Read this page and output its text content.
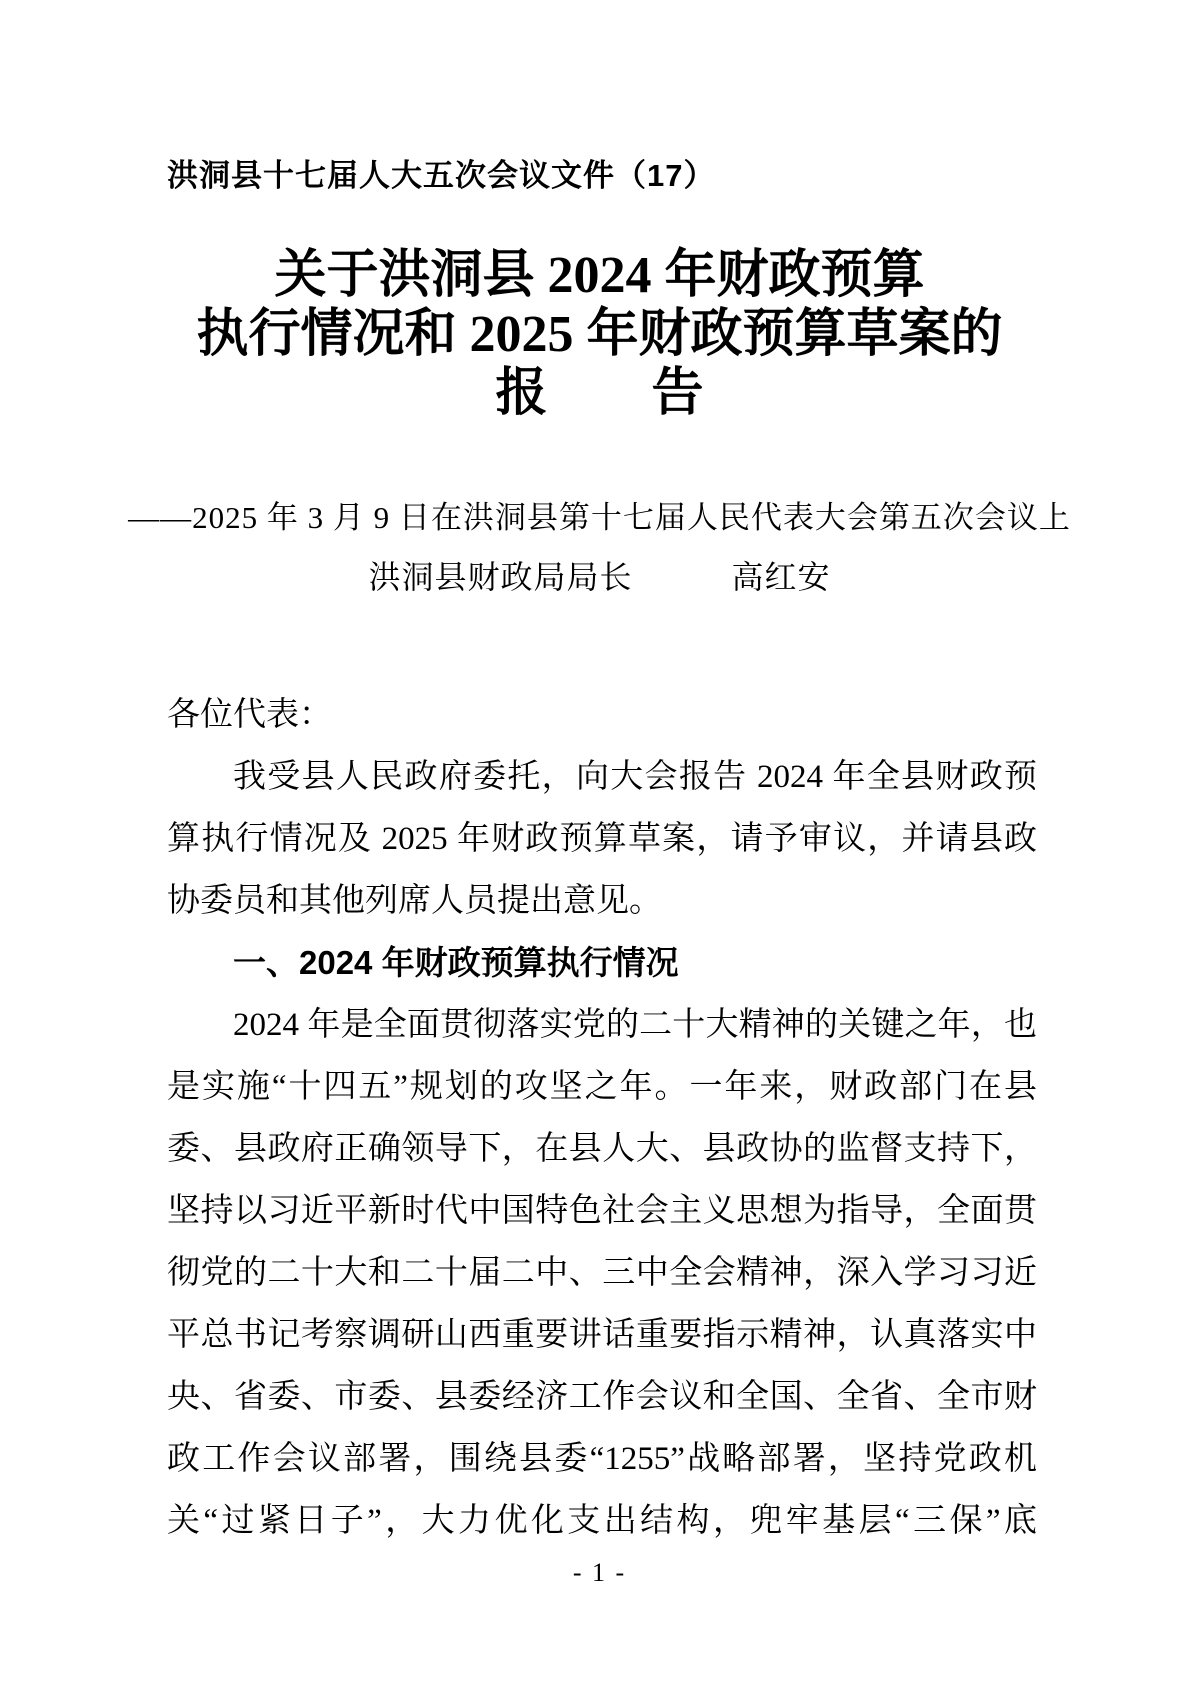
洪洞县十七届人大五次会议文件（17）
关于洪洞县 2024 年财政预算
执行情况和 2025 年财政预算草案的
报　　告
——2025 年 3 月 9 日在洪洞县第十七届人民代表大会第五次会议上
洪洞县财政局局长　　　高红安
各位代表：
我受县人民政府委托，向大会报告 2024 年全县财政预
算执行情况及 2025 年财政预算草案，请予审议，并请县政
协委员和其他列席人员提出意见。
一、2024 年财政预算执行情况
2024 年是全面贯彻落实党的二十大精神的关键之年，也
是实施“十四五”规划的攻坚之年。一年来，财政部门在县
委、县政府正确领导下，在县人大、县政协的监督支持下，
坚持以习近平新时代中国特色社会主义思想为指导，全面贯
彻党的二十大和二十届二中、三中全会精神，深入学习习近
平总书记考察调研山西重要讲话重要指示精神，认真落实中
央、省委、市委、县委经济工作会议和全国、全省、全市财
政工作会议部署，围绕县委“1255”战略部署，坚持党政机
关“过紧日子”，大力优化支出结构，兜牢基层“三保”底
- 1 -
